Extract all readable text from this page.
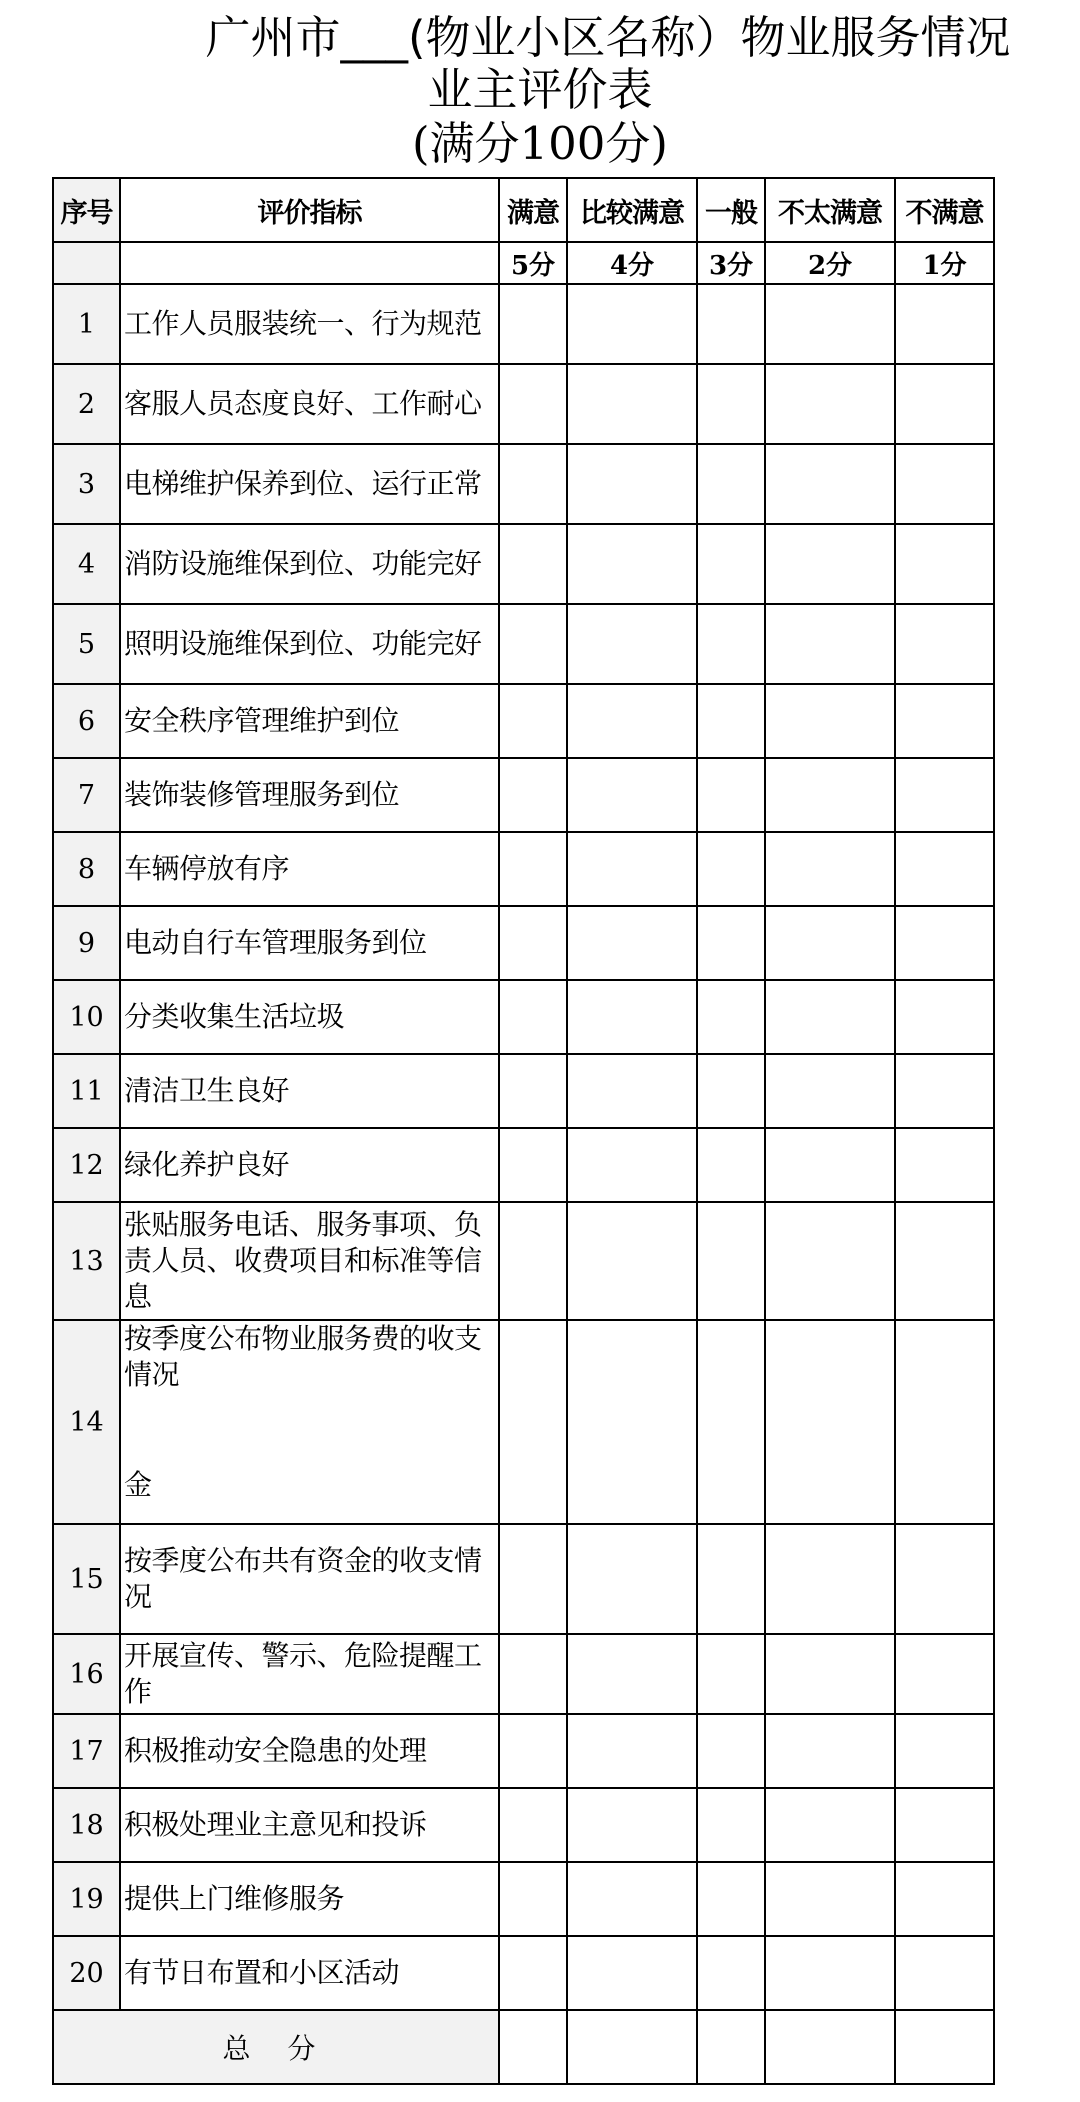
广州市___(物业小区名称）物业服务情况
业主评价表
(满分100分)
序号	评价指标	满意	比较满意	一般	不太满意	不满意
		5分	4分	3分	2分	1分
1	工作人员服装统一、行为规范					
2	客服人员态度良好、工作耐心					
3	电梯维护保养到位、运行正常					
4	消防设施维保到位、功能完好					
5	照明设施维保到位、功能完好					
6	安全秩序管理维护到位					
7	装饰装修管理服务到位					
8	车辆停放有序					
9	电动自行车管理服务到位					
10	分类收集生活垃圾					
11	清洁卫生良好					
12	绿化养护良好					
13	张贴服务电话、服务事项、负责人员、收费项目和标准等信息					
14	按季度公布物业服务费的收支情况
金					

15	按季度公布共有资金的收支情况					
16	开展宣传、警示、危险提醒工作					
17	积极推动安全隐患的处理					
18	积极处理业主意见和投诉					
19	提供上门维修服务					
20	有节日布置和小区活动					
总 分						
